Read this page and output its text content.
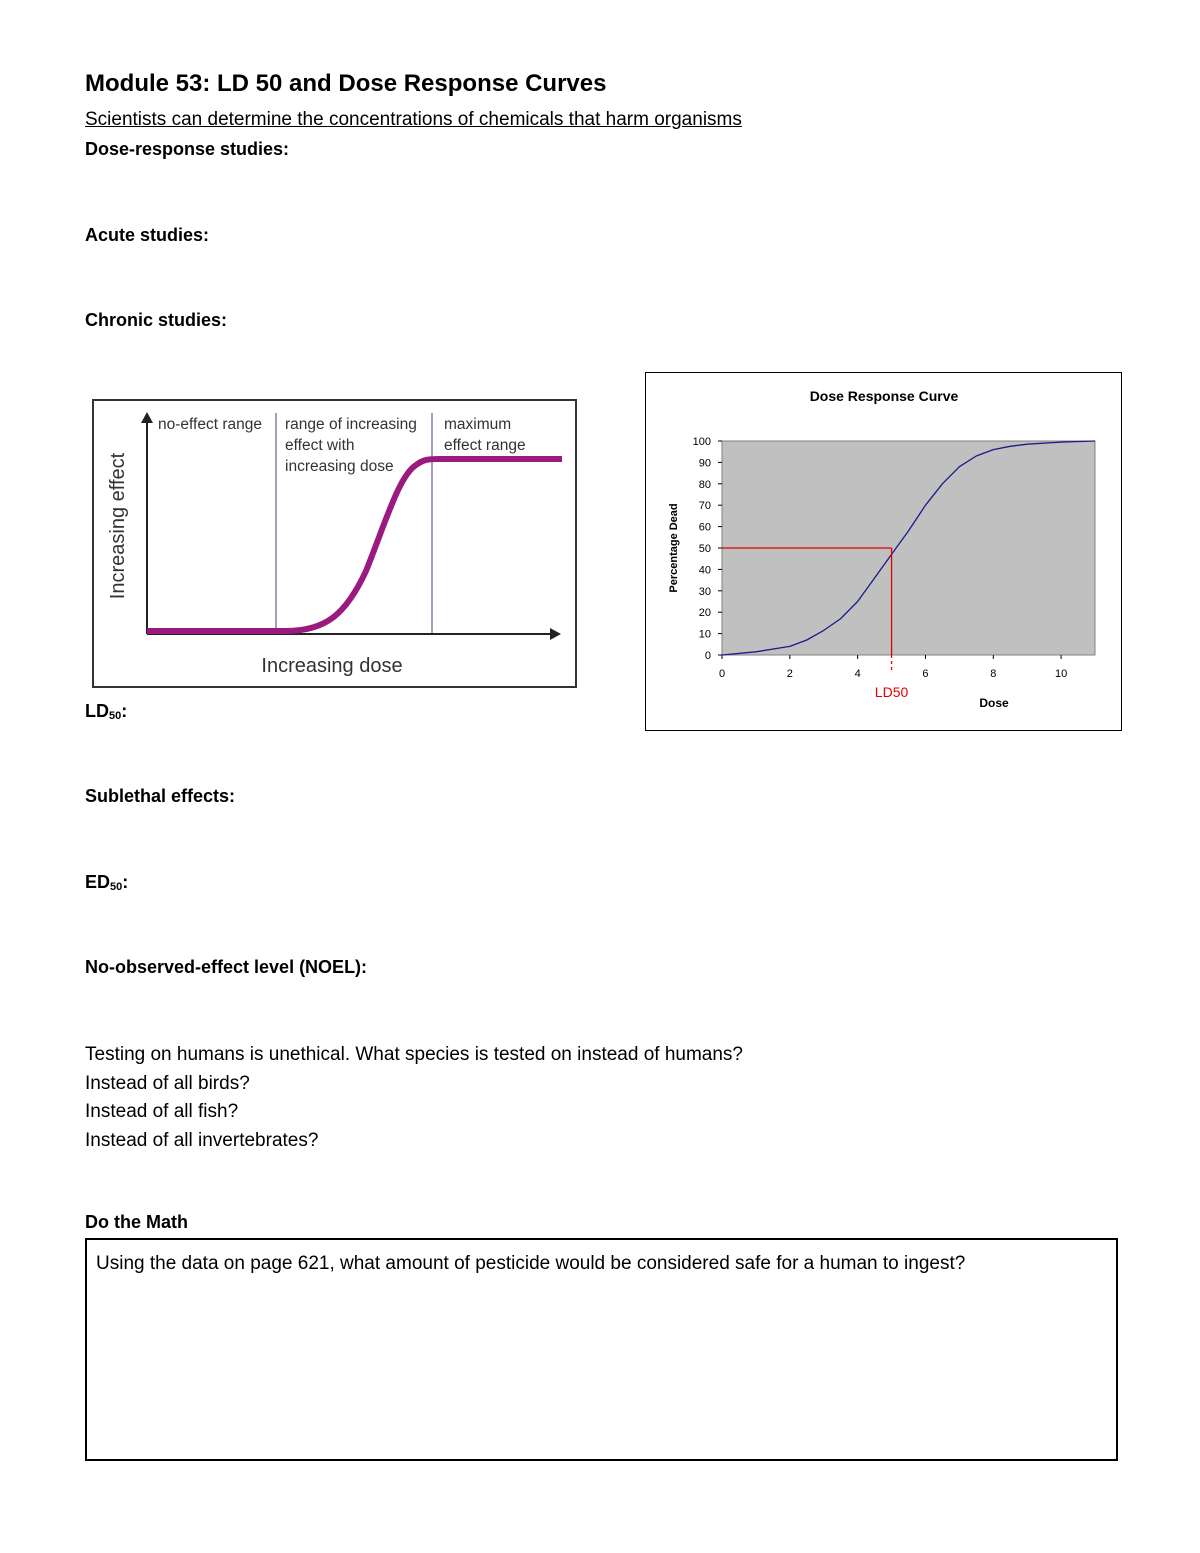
Module 53: LD 50 and Dose Response Curves
Scientists can determine the concentrations of chemicals that harm organisms
Dose-response studies:
Acute studies:
Chronic studies:
$LD_{50}$:
Sublethal effects:
$ED_{50}$:
No-observed-effect level (NOEL):
no-effect range range of increasing
effect with
increasing dose
maximum
effect range
Increasing dose
Increasing effect
Dose Response Curve
0
10
20
30
40
50
60
70
80
90
100
0	2	4	6	8	10
LD50
Dose
Percentage Dead
Testing on humans is unethical. What species is tested on instead of humans?
Instead of all birds?
Instead of all fish?
Instead of all invertebrates?
Do the Math
Using the data on page 621, what amount of pesticide would be considered safe for a human to ingest?
